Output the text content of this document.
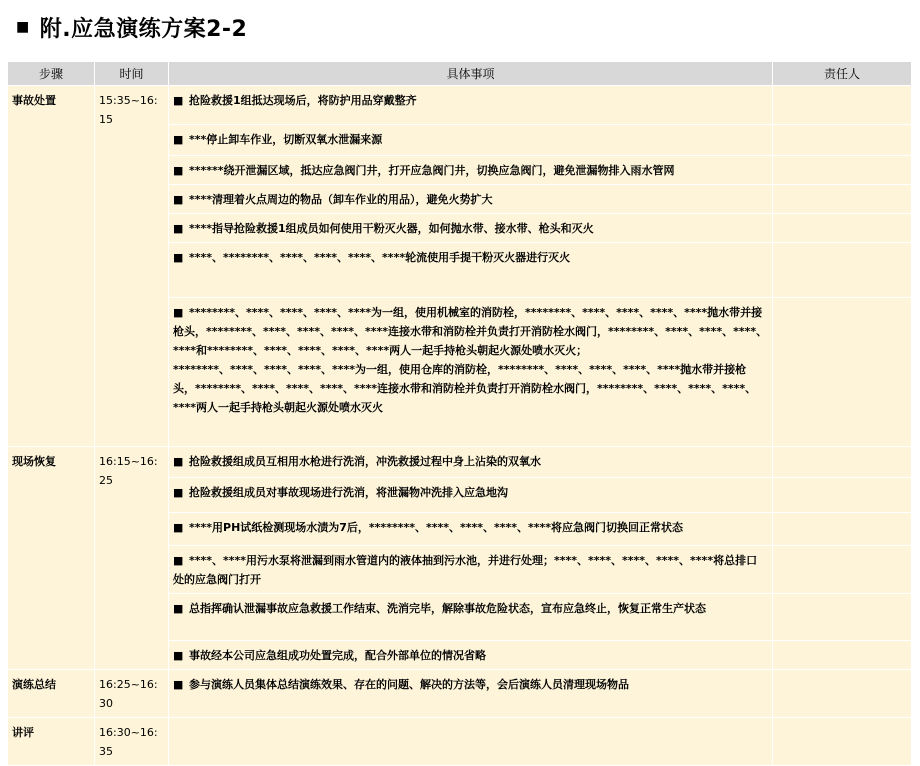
■ 附.应急演练方案2-2
步骤	时间	具体事项	责任人
事故处置	15:35~16:15	■ 抢险救援1组抵达现场后，将防护用品穿戴整齐	

		■ ***停止卸车作业，切断双氧水泄漏来源	

		■ ******绕开泄漏区域，抵达应急阀门井，打开应急阀门井，切换应急阀门，避免泄漏物排入雨水管网	

		■ ****清理着火点周边的物品（卸车作业的用品），避免火势扩大	

		■ ****指导抢险救援1组成员如何使用干粉灭火器，如何抛水带、接水带、枪头和灭火	

		■ ****、********、****、****、****、****轮流使用手提干粉灭火器进行灭火	

		■ ********、****、****、****、****为一组，使用机械室的消防栓，********、****、****、****、****抛水带并接枪头，********、****、****、****、****连接水带和消防栓并负责打开消防栓水阀门，********、****、****、****、****和********、****、****、****、****两人一起手持枪头朝起火源处喷水灭火；
********、****、****、****、****为一组，使用仓库的消防栓，********、****、****、****、****抛水带并接枪头，********、****、****、****、****连接水带和消防栓并负责打开消防栓水阀门，********、****、****、****、****两人一起手持枪头朝起火源处喷水灭火	

现场恢复	16:15~16:25	■ 抢险救援组成员互相用水枪进行洗消，冲洗救援过程中身上沾染的双氧水	

		■ 抢险救援组成员对事故现场进行洗消，将泄漏物冲洗排入应急地沟	

		■ ****用PH试纸检测现场水渍为7后，********、****、****、****、****将应急阀门切换回正常状态	

		■ ****、****用污水泵将泄漏到雨水管道内的液体抽到污水池，并进行处理；****、****、****、****、****将总排口处的应急阀门打开	

		■ 总指挥确认泄漏事故应急救援工作结束、洗消完毕，解除事故危险状态，宣布应急终止，恢复正常生产状态	

		■ 事故经本公司应急组成功处置完成，配合外部单位的情况省略	

演练总结	16:25~16:30	■ 参与演练人员集体总结演练效果、存在的问题、解决的方法等，会后演练人员清理现场物品	

讲评	16:30~16:35		
